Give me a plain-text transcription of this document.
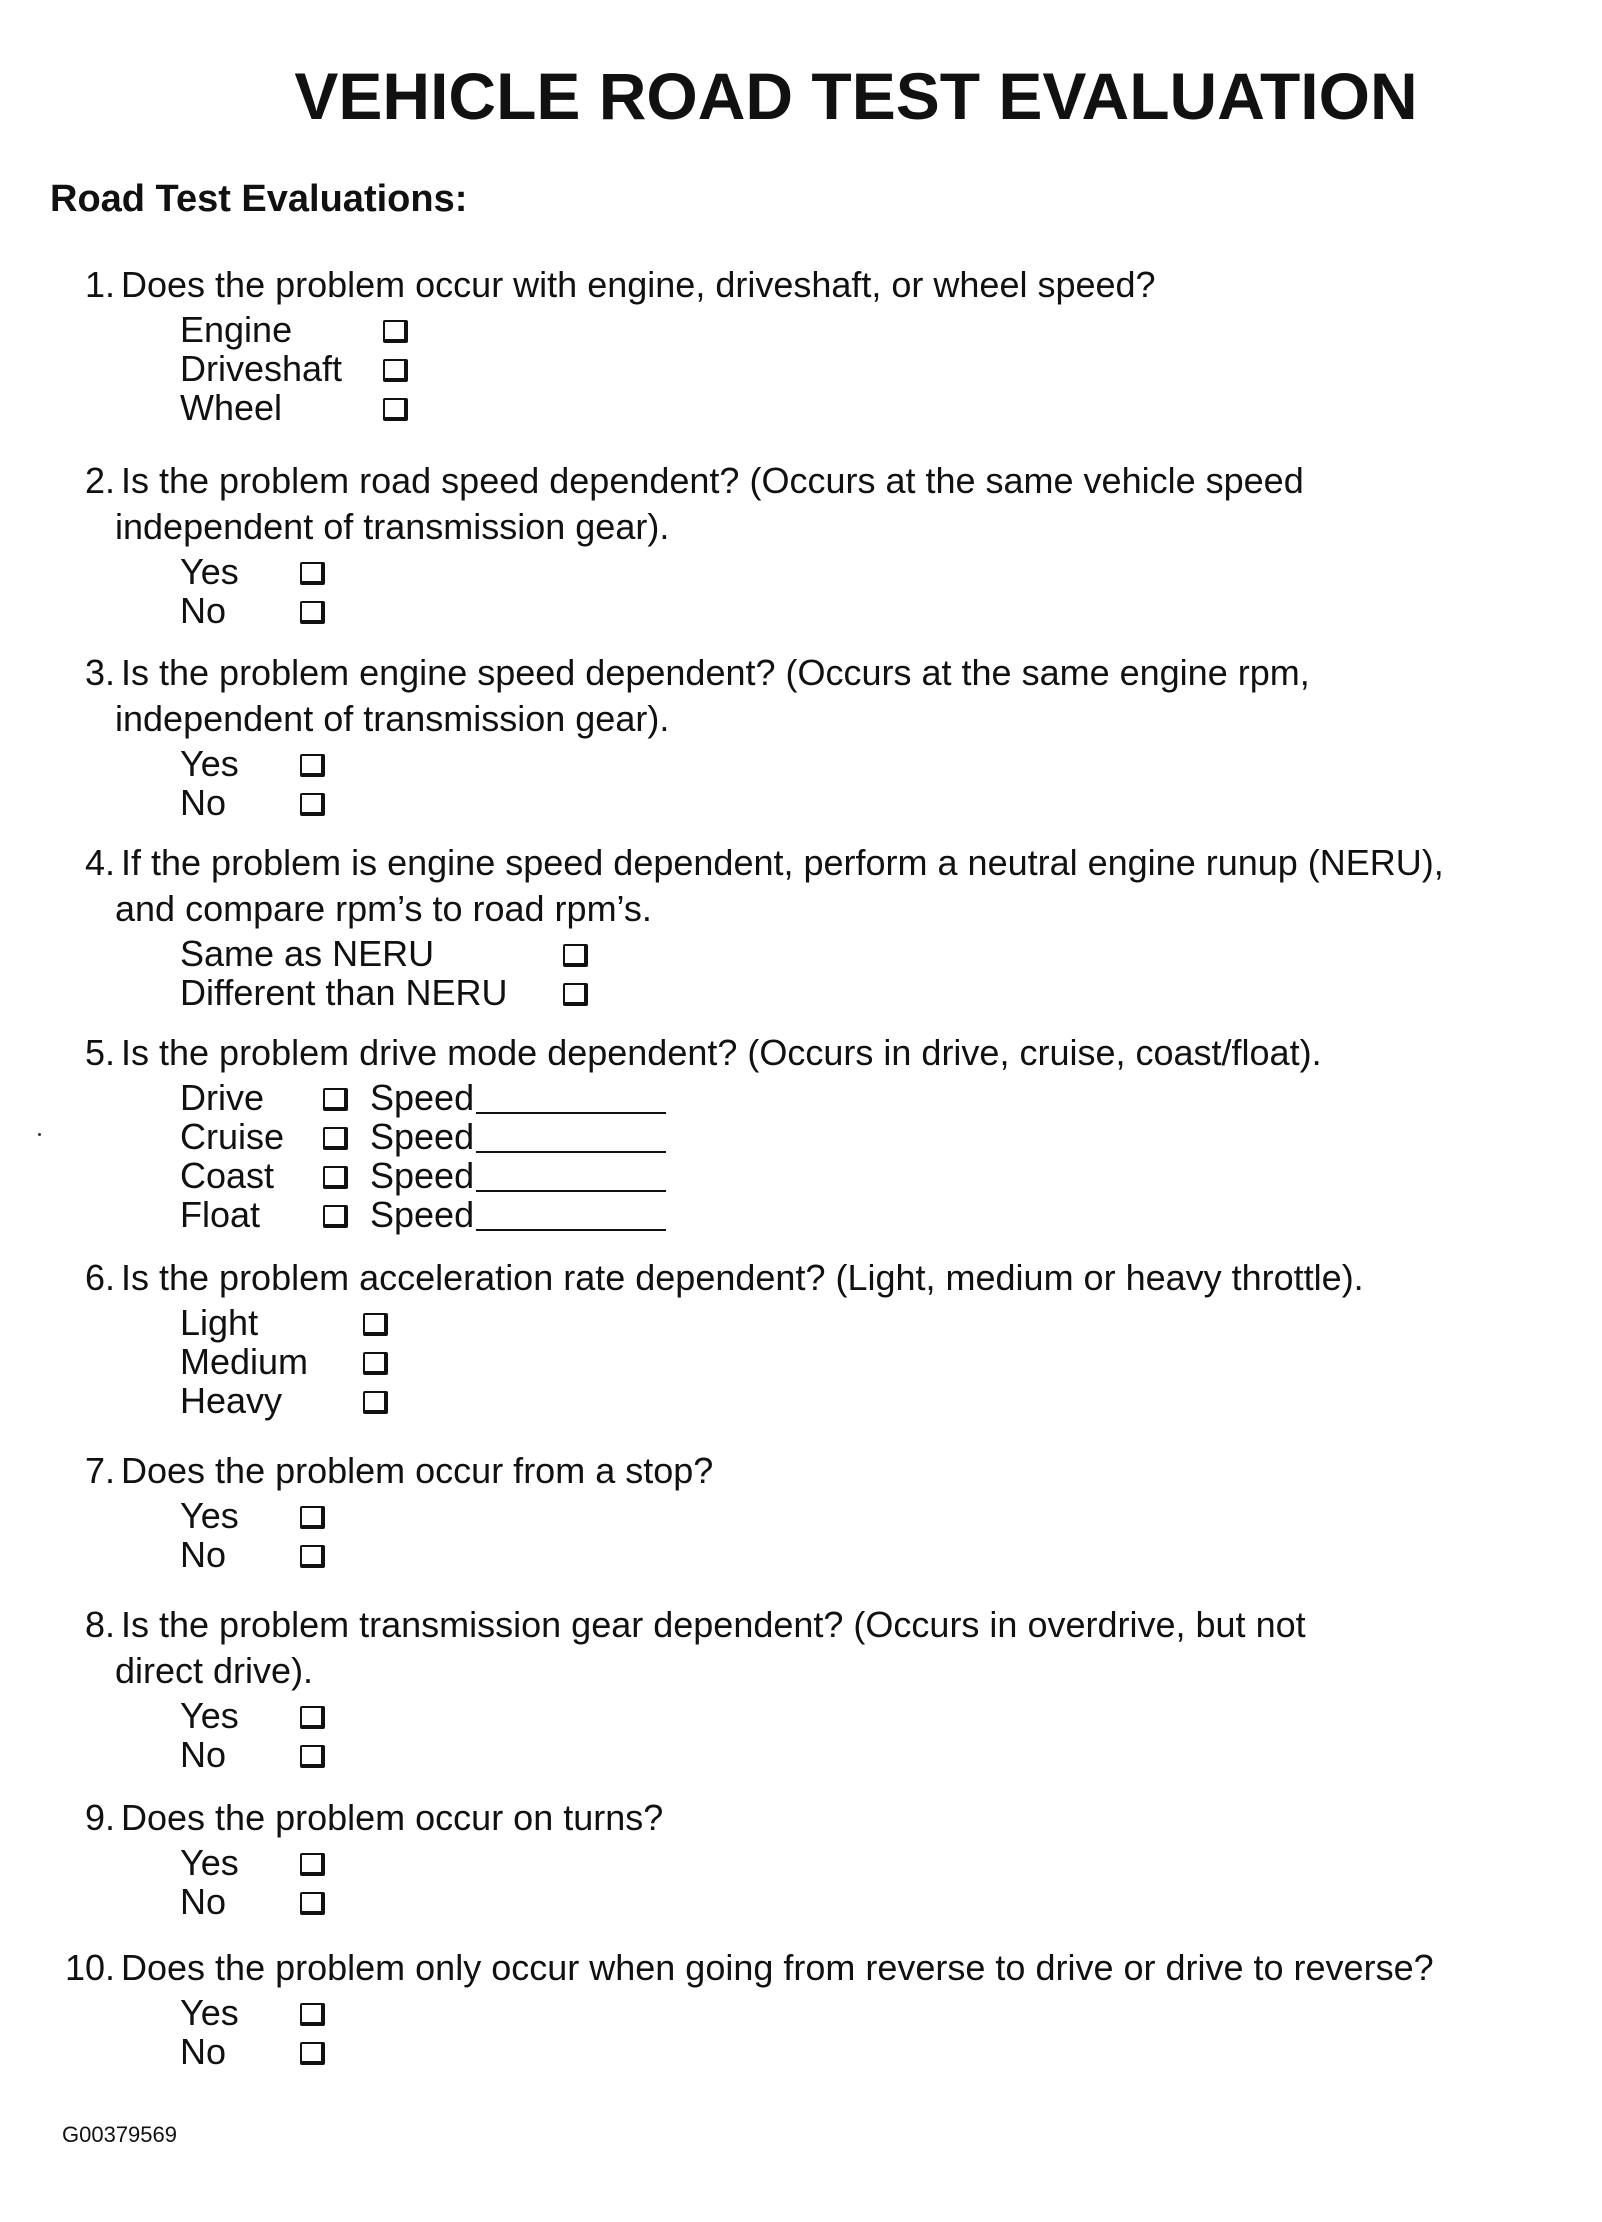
VEHICLE ROAD TEST EVALUATION
Road Test Evaluations:
1. Does the problem occur with engine, driveshaft, or wheel speed?
Engine
Driveshaft
Wheel
2. Is the problem road speed dependent? (Occurs at the same vehicle speed
independent of transmission gear).
Yes
No
3. Is the problem engine speed dependent? (Occurs at the same engine rpm,
independent of transmission gear).
Yes
No
4. If the problem is engine speed dependent, perform a neutral engine runup (NERU),
and compare rpm’s to road rpm’s.
Same as NERU
Different than NERU
5. Is the problem drive mode dependent? (Occurs in drive, cruise, coast/float).
Drive	Speed
Cruise	Speed
Coast	Speed
Float	Speed
6. Is the problem acceleration rate dependent? (Light, medium or heavy throttle).
Light
Medium
Heavy
7. Does the problem occur from a stop?
Yes
No
8. Is the problem transmission gear dependent? (Occurs in overdrive, but not
direct drive).
Yes
No
9. Does the problem occur on turns?
Yes
No
10. Does the problem only occur when going from reverse to drive or drive to reverse?
Yes
No
G00379569
